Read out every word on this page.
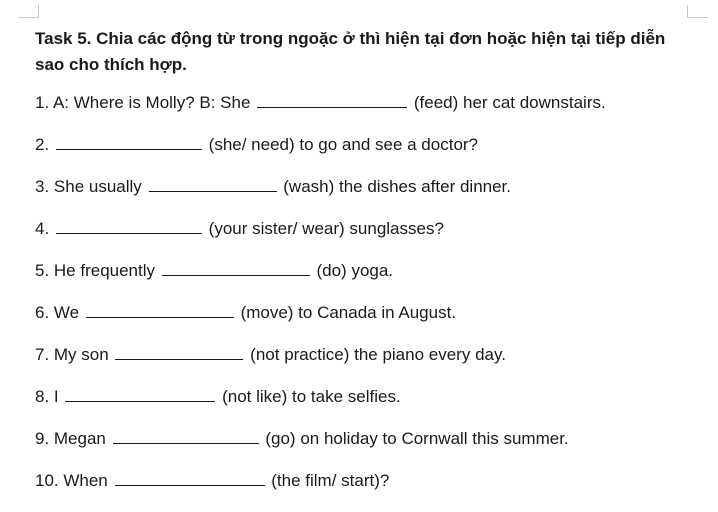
Task 5. Chia các động từ trong ngoặc ở thì hiện tại đơn hoặc hiện tại tiếp diễn sao cho thích hợp.
1. A: Where is Molly? B: She	(feed) her cat downstairs.
2.	(she/ need) to go and see a doctor?
3. She usually	(wash) the dishes after dinner.
4.	(your sister/ wear) sunglasses?
5. He frequently	(do) yoga.
6. We	(move) to Canada in August.
7. My son	(not practice) the piano every day.
8. I	(not like) to take selfies.
9. Megan	(go) on holiday to Cornwall this summer.
10. When	(the film/ start)?
